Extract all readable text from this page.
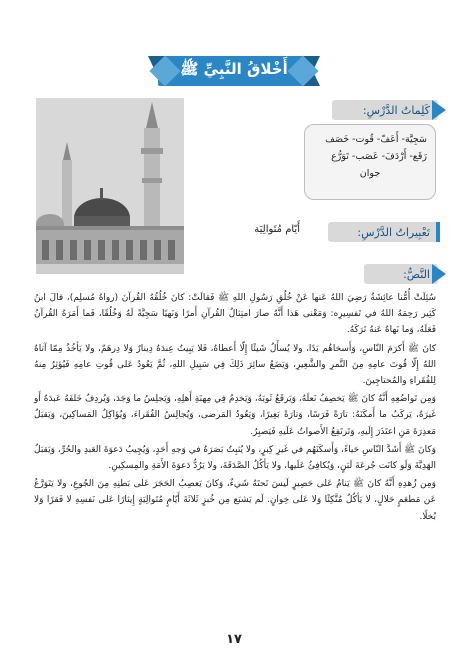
أَخْلاقُ النَّبِيِّ ﷺ
كَلِماتُ الدَّرْسِ:
سَجِيَّة- أَعَفّ- قُوت- خَصَف
رَقَع- أَرْدَفَ- عَصَب- تَوَرُّع
جوان
تَعْبِيراتُ الدَّرْسِ:
أَيّام مُتَوالِيَة
النَّصُّ:

سُئِلَتْ أُمُّنا عائِشَةُ رَضِيَ اللهُ عَنها عَنْ خُلُقِ رَسُولِ اللهِ ﷺ فَقالَتْ: كانَ خُلُقُهُ القُرآنَ (رواهُ مُسلِم)، قالَ ابنُ كَثِير رَحِمَهُ اللهُ في تَفسِيرِه: وَمَعْنى هَذا أَنَّهُ صارَ امتِثالُ القُرآنِ أَمرًا وَنَهيًا سَجِيَّةً لَهُ وَخُلُقًا، فَما أَمَرَهُ القُرآنُ فَعَلَهُ، وَما نَهاهُ عَنهُ تَرَكَهُ.

كانَ ﷺ أَكرَمَ النّاسِ، وَأَسخاهُم يَدًا، ولا يُسأَلُ شَيئًا إِلّا أَعطاهُ، فَلا يَبِيتُ عِندَهُ دِينارٌ وَلا دِرهَمٌ، ولا يَأخُذُ مِمّا آتاهُ اللهُ إِلّا قُوتَ عامِهِ مِنَ التَّمرِ والشَّعِيرِ، وَيَضَعُ سائِرَ ذَلِكَ فِي سَبِيلِ اللهِ، ثُمَّ يَعُودُ عَلى قُوتِ عامِهِ فَيُؤثِرُ مِنهُ لِلفُقَراءِ والمُحتاجِينَ.

وَمِن تَواضُعِهِ أَنَّهُ كانَ ﷺ يَخصِفُ نَعلَهُ، وَيَرقَعُ ثَوبَهُ، وَيَخدِمُ فِي مِهنَةِ أَهلِهِ، وَيَجلِسُ ما وَجَدَ، وَيُردِفُ خَلفَهُ عَبدَهُ أَو غَيرَهُ، يَركَبُ ما أَمكَنَهُ: تارَةً فَرَسًا، وَتارَةً بَعِيرًا، وَيَعُودُ المَرضى، وَيُجالِسُ الفُقَراءَ، وَيُؤاكِلُ المَساكِينَ، وَيَقبَلُ مَعذِرَةَ مَنِ اعتَذَرَ إِلَيهِ، وَتَرتَفِعُ الأَصواتُ عَلَيهِ فَيَصبِرُ.

وَكانَ ﷺ أَشَدَّ النّاسِ حَياءً، وَأَسكَنَهُم في غَيرِ كِبرٍ، ولا يُثبِتُ بَصَرَهُ في وَجهِ أَحَدٍ، وَيُجِيبُ دَعوَةَ العَبدِ والحُرِّ، وَيَقبَلُ الهَدِيَّةَ وَلَو كانَت جُرعَةَ لَبَنٍ، وَيُكافِئُ عَلَيها، ولا يَأكُلُ الصَّدَقَةَ، ولا يَرُدُّ دَعوَةَ الأَمَةِ والمِسكِينِ.

وَمِن زُهدِهِ أَنَّهُ كانَ ﷺ يَنامُ عَلى حَصِيرٍ لَيسَ تَحتَهُ شَيءٌ، وَكانَ يَعصِبُ الحَجَرَ عَلى بَطنِهِ مِنَ الجُوعِ، ولا يَتَوَرَّعُ عَن مَطعَمٍ حَلالٍ، لا يَأكُلُ مُتَّكِئًا وَلا عَلى خِوانٍ. لَم يَشبَع مِن خُبزٍ ثَلاثَةَ أَيّامٍ مُتَوالِيَةٍ إِيثارًا عَلى نَفسِهِ لا فَقرًا وَلا بُخلًا.

١٧
